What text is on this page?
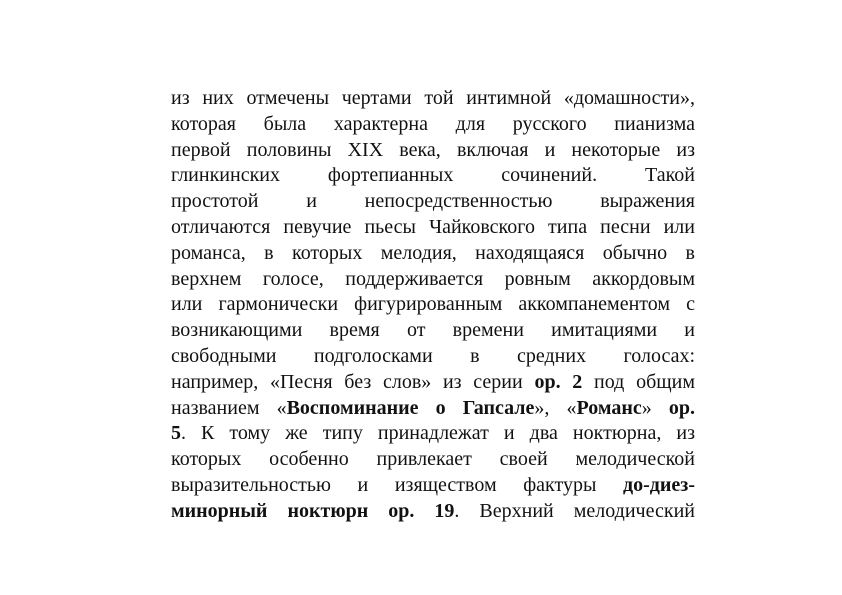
из них отмечены чертами той интимной «домашности»,
которая была характерна для русского пианизма
первой половины XIX века, включая и некоторые из
глинкинских фортепианных сочинений. Такой
простотой и непосредственностью выражения
отличаются певучие пьесы Чайковского типа песни или
романса, в которых мелодия, находящаяся обычно в
верхнем голосе, поддерживается ровным аккордовым
или гармонически фигурированным аккомпанементом с
возникающими время от времени имитациями и
свободными подголосками в средних голосах:
например, «Песня без слов» из серии ор. 2 под общим
названием «Воспоминание о Гапсале», «Романс» ор.
5. К тому же типу принадлежат и два ноктюрна, из
которых особенно привлекает своей мелодической
выразительностью и изяществом фактуры до-диез-
минорный ноктюрн ор. 19. Верхний мелодический
